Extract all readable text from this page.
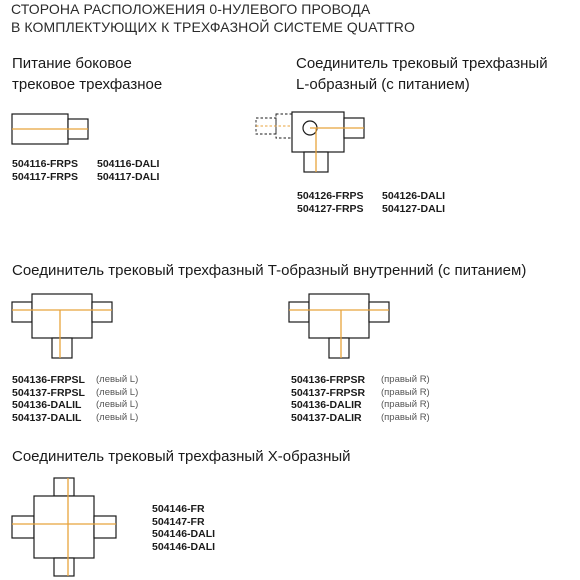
СТОРОНА РАСПОЛОЖЕНИЯ 0-НУЛЕВОГО ПРОВОДА
В КОМПЛЕКТУЮЩИХ К ТРЕХФАЗНОЙ СИСТЕМЕ QUATTRO
Питание боковое
трековое трехфазное
504116-FRPS
504117-FRPS
504116-DALI
504117-DALI
Соединитель трековый трехфазный
L-образный (с питанием)
504126-FRPS
504127-FRPS
504126-DALI
504127-DALI
Соединитель трековый трехфазный T-образный внутренний (с питанием)
504136-FRPSL
504137-FRPSL
504136-DALIL
504137-DALIL
(левый L)
(левый L)
(левый L)
(левый L)
504136-FRPSR
504137-FRPSR
504136-DALIR
504137-DALIR
(правый R)
(правый R)
(правый R)
(правый R)
Соединитель трековый трехфазный X-образный
504146-FR
504147-FR
504146-DALI
504146-DALI
